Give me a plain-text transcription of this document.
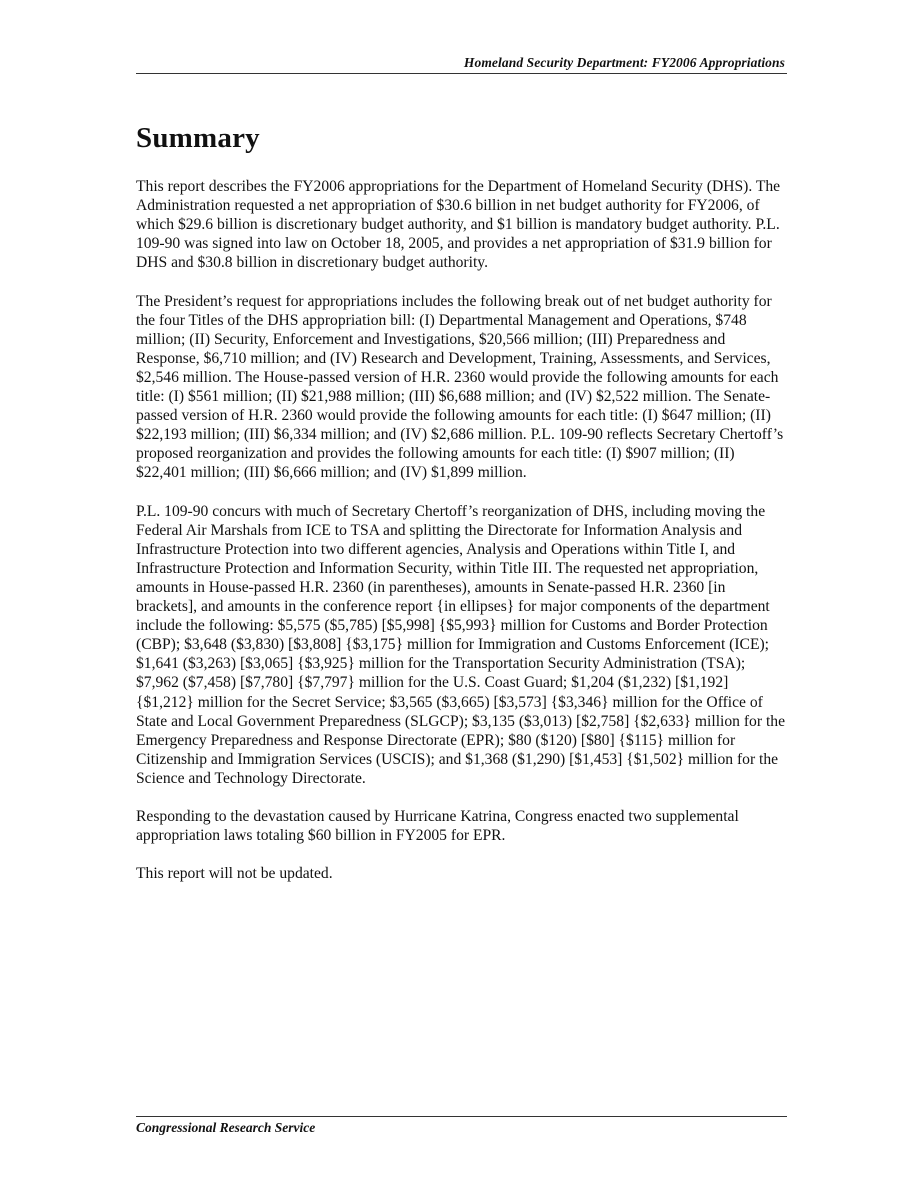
Homeland Security Department: FY2006 Appropriations
Summary

This report describes the FY2006 appropriations for the Department of Homeland Security (DHS). The Administration requested a net appropriation of $30.6 billion in net budget authority for FY2006, of which $29.6 billion is discretionary budget authority, and $1 billion is mandatory budget authority. P.L. 109-90 was signed into law on October 18, 2005, and provides a net appropriation of $31.9 billion for DHS and $30.8 billion in discretionary budget authority.

The President’s request for appropriations includes the following break out of net budget authority for the four Titles of the DHS appropriation bill: (I) Departmental Management and Operations, $748 million; (II) Security, Enforcement and Investigations, $20,566 million; (III) Preparedness and Response, $6,710 million; and (IV) Research and Development, Training, Assessments, and Services, $2,546 million. The House-passed version of H.R. 2360 would provide the following amounts for each title: (I) $561 million; (II) $21,988 million; (III) $6,688 million; and (IV) $2,522 million. The Senate-passed version of H.R. 2360 would provide the following amounts for each title: (I) $647 million; (II) $22,193 million; (III) $6,334 million; and (IV) $2,686 million. P.L. 109-90 reflects Secretary Chertoff’s proposed reorganization and provides the following amounts for each title: (I) $907 million; (II) $22,401 million; (III) $6,666 million; and (IV) $1,899 million.

P.L. 109-90 concurs with much of Secretary Chertoff’s reorganization of DHS, including moving the Federal Air Marshals from ICE to TSA and splitting the Directorate for Information Analysis and Infrastructure Protection into two different agencies, Analysis and Operations within Title I, and Infrastructure Protection and Information Security, within Title III. The requested net appropriation, amounts in House-passed H.R. 2360 (in parentheses), amounts in Senate-passed H.R. 2360 [in brackets], and amounts in the conference report {in ellipses} for major components of the department include the following: $5,575 ($5,785) [$5,998] {$5,993} million for Customs and Border Protection (CBP); $3,648 ($3,830) [$3,808] {$3,175} million for Immigration and Customs Enforcement (ICE); $1,641 ($3,263) [$3,065] {$3,925} million for the Transportation Security Administration (TSA); $7,962 ($7,458) [$7,780] {$7,797} million for the U.S. Coast Guard; $1,204 ($1,232) [$1,192] {$1,212} million for the Secret Service; $3,565 ($3,665) [$3,573] {$3,346} million for the Office of State and Local Government Preparedness (SLGCP); $3,135 ($3,013) [$2,758] {$2,633} million for the Emergency Preparedness and Response Directorate (EPR); $80 ($120) [$80] {$115} million for Citizenship and Immigration Services (USCIS); and $1,368 ($1,290) [$1,453] {$1,502} million for the Science and Technology Directorate.

Responding to the devastation caused by Hurricane Katrina, Congress enacted two supplemental appropriation laws totaling $60 billion in FY2005 for EPR.

This report will not be updated.

Congressional Research Service
